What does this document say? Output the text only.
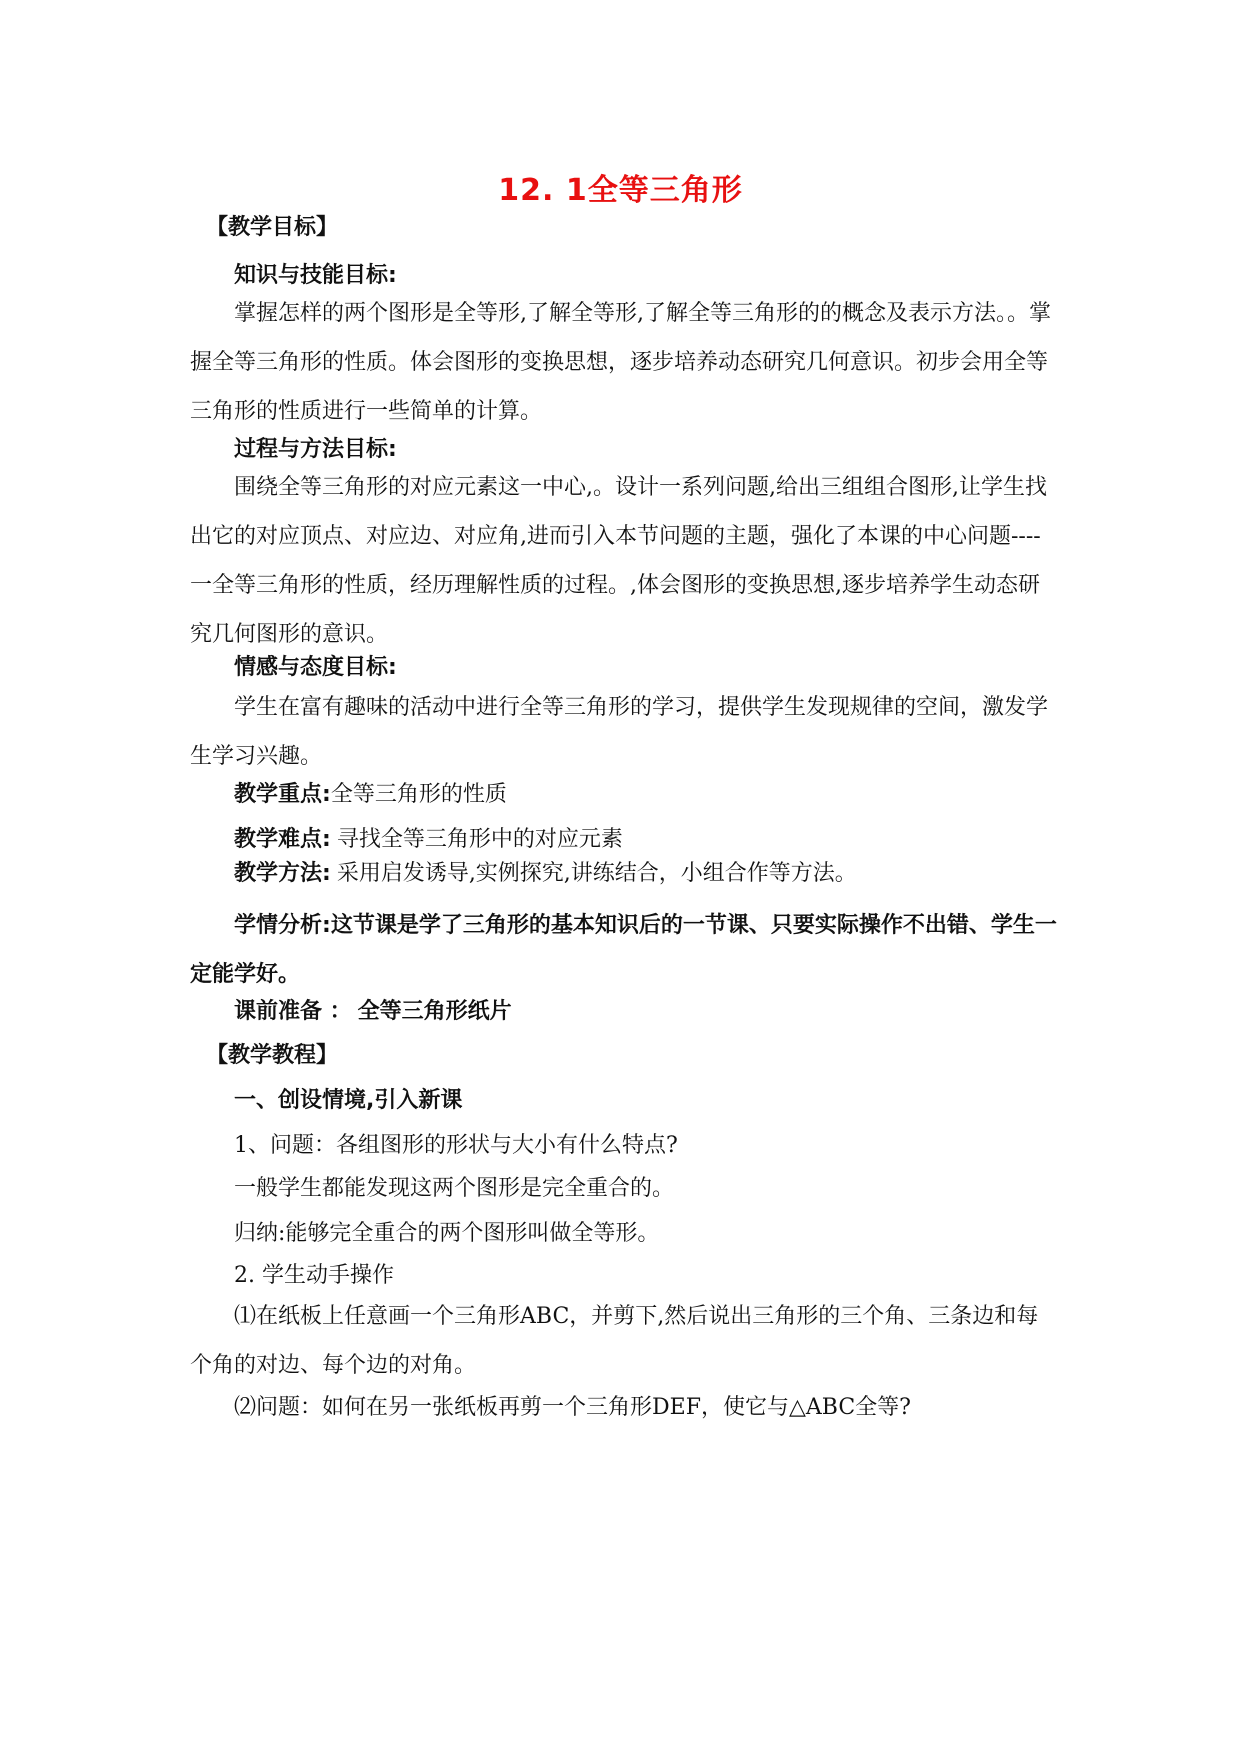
12. 1全等三角形
【教学目标】
知识与技能目标:
掌握怎样的两个图形是全等形,了解全等形,了解全等三角形的的概念及表示方法。。掌握全等三角形的性质。体会图形的变换思想，逐步培养动态研究几何意识。初步会用全等三角形的性质进行一些简单的计算。
过程与方法目标:
围绕全等三角形的对应元素这一中心,。设计一系列问题,给出三组组合图形,让学生找出它的对应顶点、对应边、对应角,进而引入本节问题的主题，强化了本课的中心问题----一全等三角形的性质，经历理解性质的过程。,体会图形的变换思想,逐步培养学生动态研究几何图形的意识。
情感与态度目标:
学生在富有趣味的活动中进行全等三角形的学习，提供学生发现规律的空间，激发学生学习兴趣。
教学重点:全等三角形的性质
教学难点: 寻找全等三角形中的对应元素
教学方法: 采用启发诱导,实例探究,讲练结合，小组合作等方法。
学情分析:这节课是学了三角形的基本知识后的一节课、只要实际操作不出错、学生一定能学好。
课前准备 ： 全等三角形纸片
【教学教程】
一、创设情境,引入新课
1、问题：各组图形的形状与大小有什么特点?
一般学生都能发现这两个图形是完全重合的。
归纳:能够完全重合的两个图形叫做全等形。
2. 学生动手操作
⑴在纸板上任意画一个三角形ABC，并剪下,然后说出三角形的三个角、三条边和每个角的对边、每个边的对角。
⑵问题：如何在另一张纸板再剪一个三角形DEF，使它与△ABC全等?
